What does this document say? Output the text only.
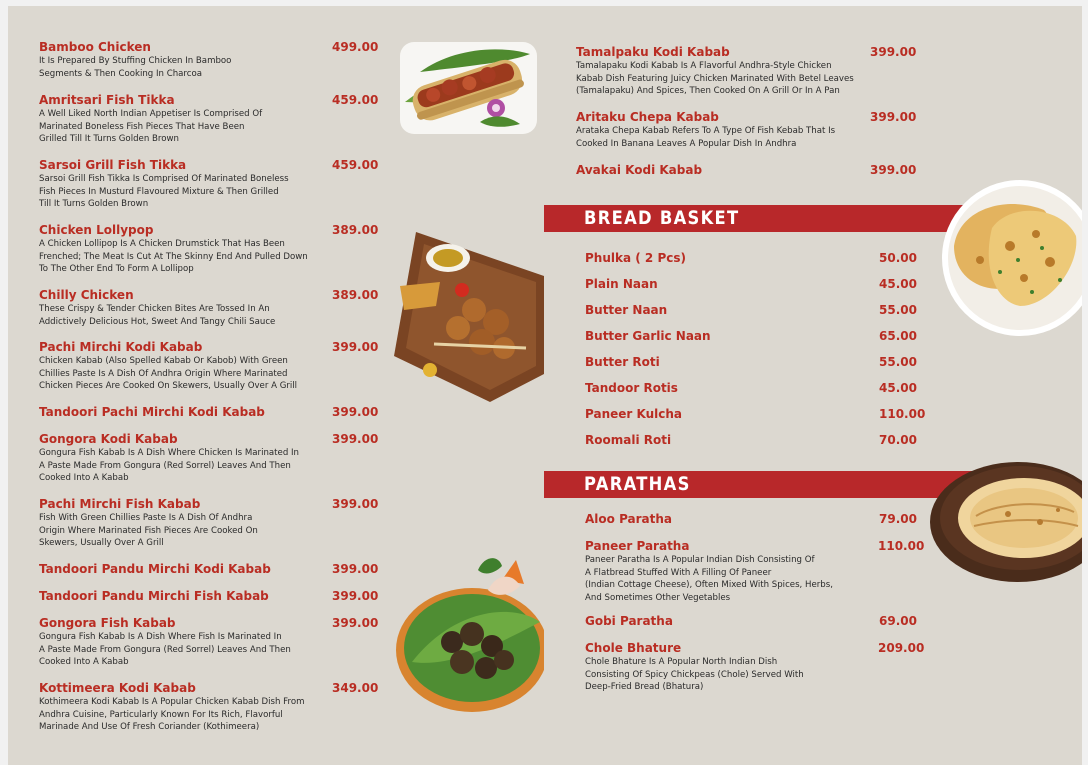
Bamboo Chicken	499.00
It Is Prepared By Stuffing Chicken In Bamboo
Segments & Then Cooking In Charcoa
Amritsari Fish Tikka	459.00
A Well Liked North Indian Appetiser Is Comprised Of
Marinated Boneless Fish Pieces That Have Been
Grilled Till It Turns Golden Brown
Sarsoi Grill Fish Tikka	459.00
Sarsoi Grill Fish Tikka Is Comprised Of Marinated Boneless
Fish Pieces In Musturd Flavoured Mixture & Then Grilled
Till It Turns Golden Brown
Chicken Lollypop	389.00
A Chicken Lollipop Is A Chicken Drumstick That Has Been
Frenched; The Meat Is Cut At The Skinny End And Pulled Down
To The Other End To Form A Lollipop
Chilly Chicken	389.00
These Crispy & Tender Chicken Bites Are Tossed In An
Addictively Delicious Hot, Sweet And Tangy Chili Sauce
Pachi Mirchi Kodi Kabab	399.00
Chicken Kabab (Also Spelled Kabab Or Kabob) With Green
Chillies Paste Is A Dish Of Andhra Origin Where Marinated
Chicken Pieces Are Cooked On Skewers, Usually Over A Grill
Tandoori Pachi Mirchi Kodi Kabab	399.00
Gongora Kodi Kabab	399.00
Gongura Fish Kabab Is A Dish Where Chicken Is Marinated In
A Paste Made From Gongura (Red Sorrel) Leaves And Then
Cooked Into A Kabab
Pachi Mirchi Fish Kabab	399.00
Fish With Green Chillies Paste Is A Dish Of Andhra
Origin Where Marinated Fish Pieces Are Cooked On
Skewers, Usually Over A Grill
Tandoori Pandu Mirchi Kodi Kabab	399.00
Tandoori Pandu Mirchi Fish Kabab	399.00
Gongora Fish Kabab	399.00
Gongura Fish Kabab Is A Dish Where Fish Is Marinated In
A Paste Made From Gongura (Red Sorrel) Leaves And Then
Cooked Into A Kabab
Kottimeera Kodi Kabab	349.00
Kothimeera Kodi Kabab Is A Popular Chicken Kabab Dish From
Andhra Cuisine, Particularly Known For Its Rich, Flavorful
Marinade And Use Of Fresh Coriander (Kothimeera)
Tamalpaku Kodi Kabab	399.00
Tamalapaku Kodi Kabab Is A Flavorful Andhra-Style Chicken
Kabab Dish Featuring Juicy Chicken Marinated With Betel Leaves
(Tamalapaku) And Spices, Then Cooked On A Grill Or In A Pan
Aritaku Chepa Kabab	399.00
Arataka Chepa Kabab Refers To A Type Of Fish Kebab That Is
Cooked In Banana Leaves A Popular Dish In Andhra
Avakai Kodi Kabab	399.00
BREAD BASKET
Phulka ( 2 Pcs)	50.00
Plain Naan	45.00
Butter Naan	55.00
Butter Garlic Naan	65.00
Butter Roti	55.00
Tandoor Rotis	45.00
Paneer Kulcha	110.00
Roomali Roti	70.00
PARATHAS
Aloo Paratha	79.00
Paneer Paratha	110.00
Paneer Paratha Is A Popular Indian Dish Consisting Of
A Flatbread Stuffed With A Filling Of Paneer
(Indian Cottage Cheese), Often Mixed With Spices, Herbs,
And Sometimes Other Vegetables
Gobi Paratha	69.00
Chole Bhature	209.00
Chole Bhature Is A Popular North Indian Dish
Consisting Of Spicy Chickpeas (Chole) Served With
Deep-Fried Bread (Bhatura)
